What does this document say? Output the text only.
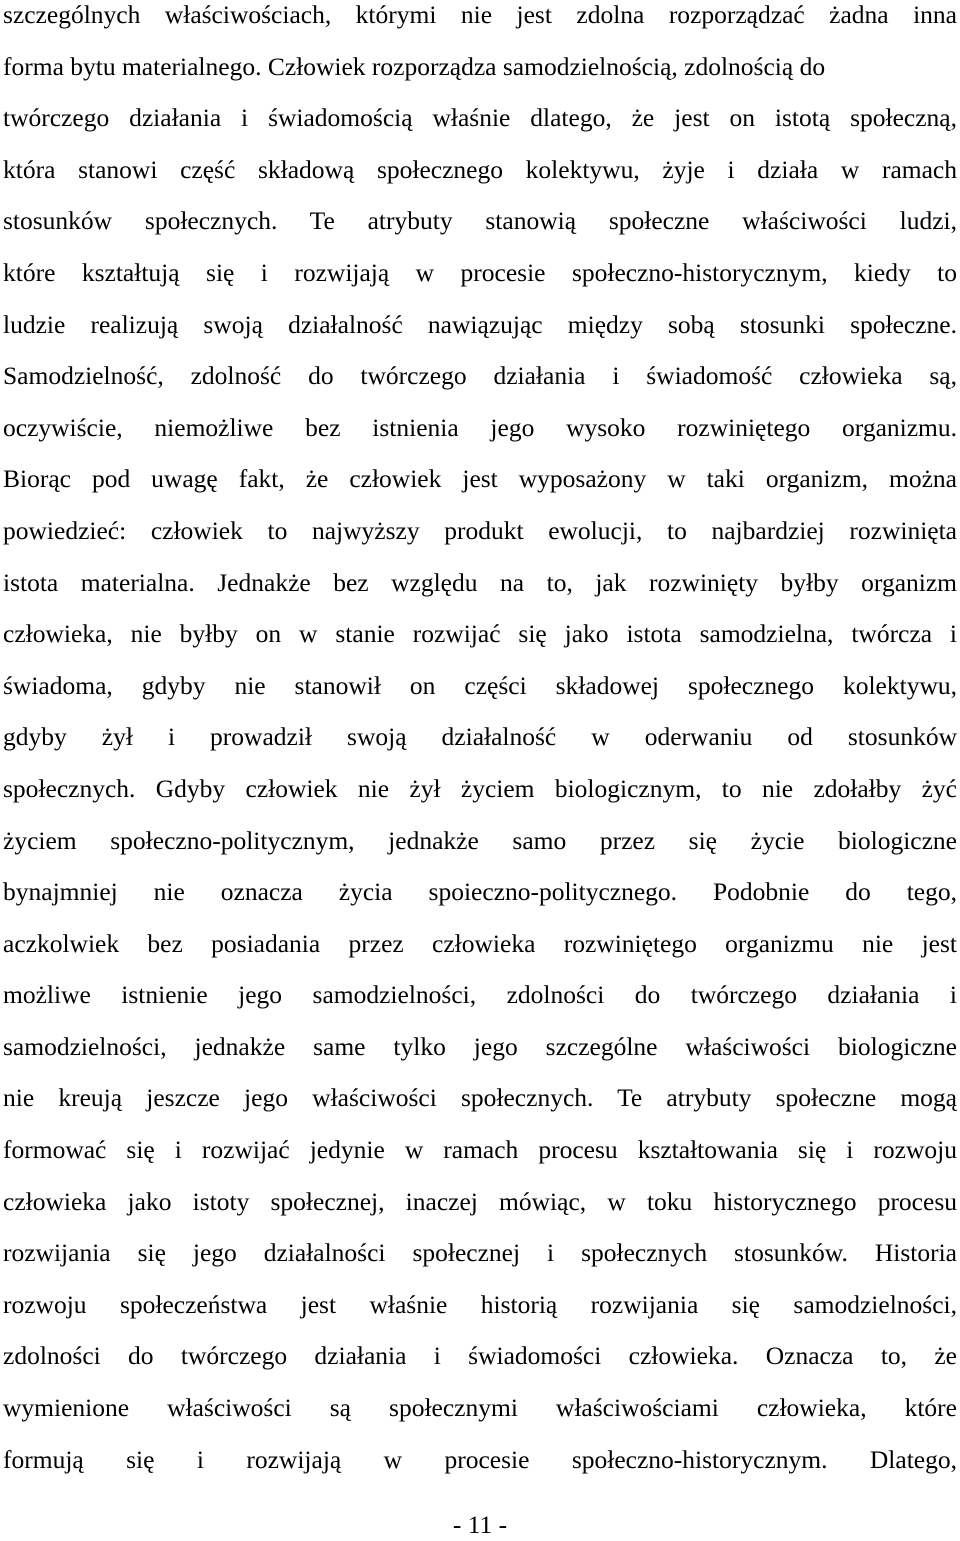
szczególnych właściwościach, którymi nie jest zdolna rozporządzać żadna inna
forma bytu materialnego. Człowiek rozporządza samodzielnością, zdolnością do
twórczego działania i świadomością właśnie dlatego, że jest on istotą społeczną,
która stanowi część składową społecznego kolektywu, żyje i działa w ramach
stosunków społecznych. Te atrybuty stanowią społeczne właściwości ludzi,
które kształtują się i rozwijają w procesie społeczno-historycznym, kiedy to
ludzie realizują swoją działalność nawiązując między sobą stosunki społeczne.
Samodzielność, zdolność do twórczego działania i świadomość człowieka są,
oczywiście, niemożliwe bez istnienia jego wysoko rozwiniętego organizmu.
Biorąc pod uwagę fakt, że człowiek jest wyposażony w taki organizm, można
powiedzieć: człowiek to najwyższy produkt ewolucji, to najbardziej rozwinięta
istota materialna. Jednakże bez względu na to, jak rozwinięty byłby organizm
człowieka, nie byłby on w stanie rozwijać się jako istota samodzielna, twórcza i
świadoma, gdyby nie stanowił on części składowej społecznego kolektywu,
gdyby żył i prowadził swoją działalność w oderwaniu od stosunków
społecznych. Gdyby człowiek nie żył życiem biologicznym, to nie zdołałby żyć
życiem społeczno-politycznym, jednakże samo przez się życie biologiczne
bynajmniej nie oznacza życia spoieczno-politycznego. Podobnie do tego,
aczkolwiek bez posiadania przez człowieka rozwiniętego organizmu nie jest
możliwe istnienie jego samodzielności, zdolności do twórczego działania i
samodzielności, jednakże same tylko jego szczególne właściwości biologiczne
nie kreują jeszcze jego właściwości społecznych. Te atrybuty społeczne mogą
formować się i rozwijać jedynie w ramach procesu kształtowania się i rozwoju
człowieka jako istoty społecznej, inaczej mówiąc, w toku historycznego procesu
rozwijania się jego działalności społecznej i społecznych stosunków. Historia
rozwoju społeczeństwa jest właśnie historią rozwijania się samodzielności,
zdolności do twórczego działania i świadomości człowieka. Oznacza to, że
wymienione właściwości są społecznymi właściwościami człowieka, które
formują się i rozwijają w procesie społeczno-historycznym. Dlatego,
- 11 -
